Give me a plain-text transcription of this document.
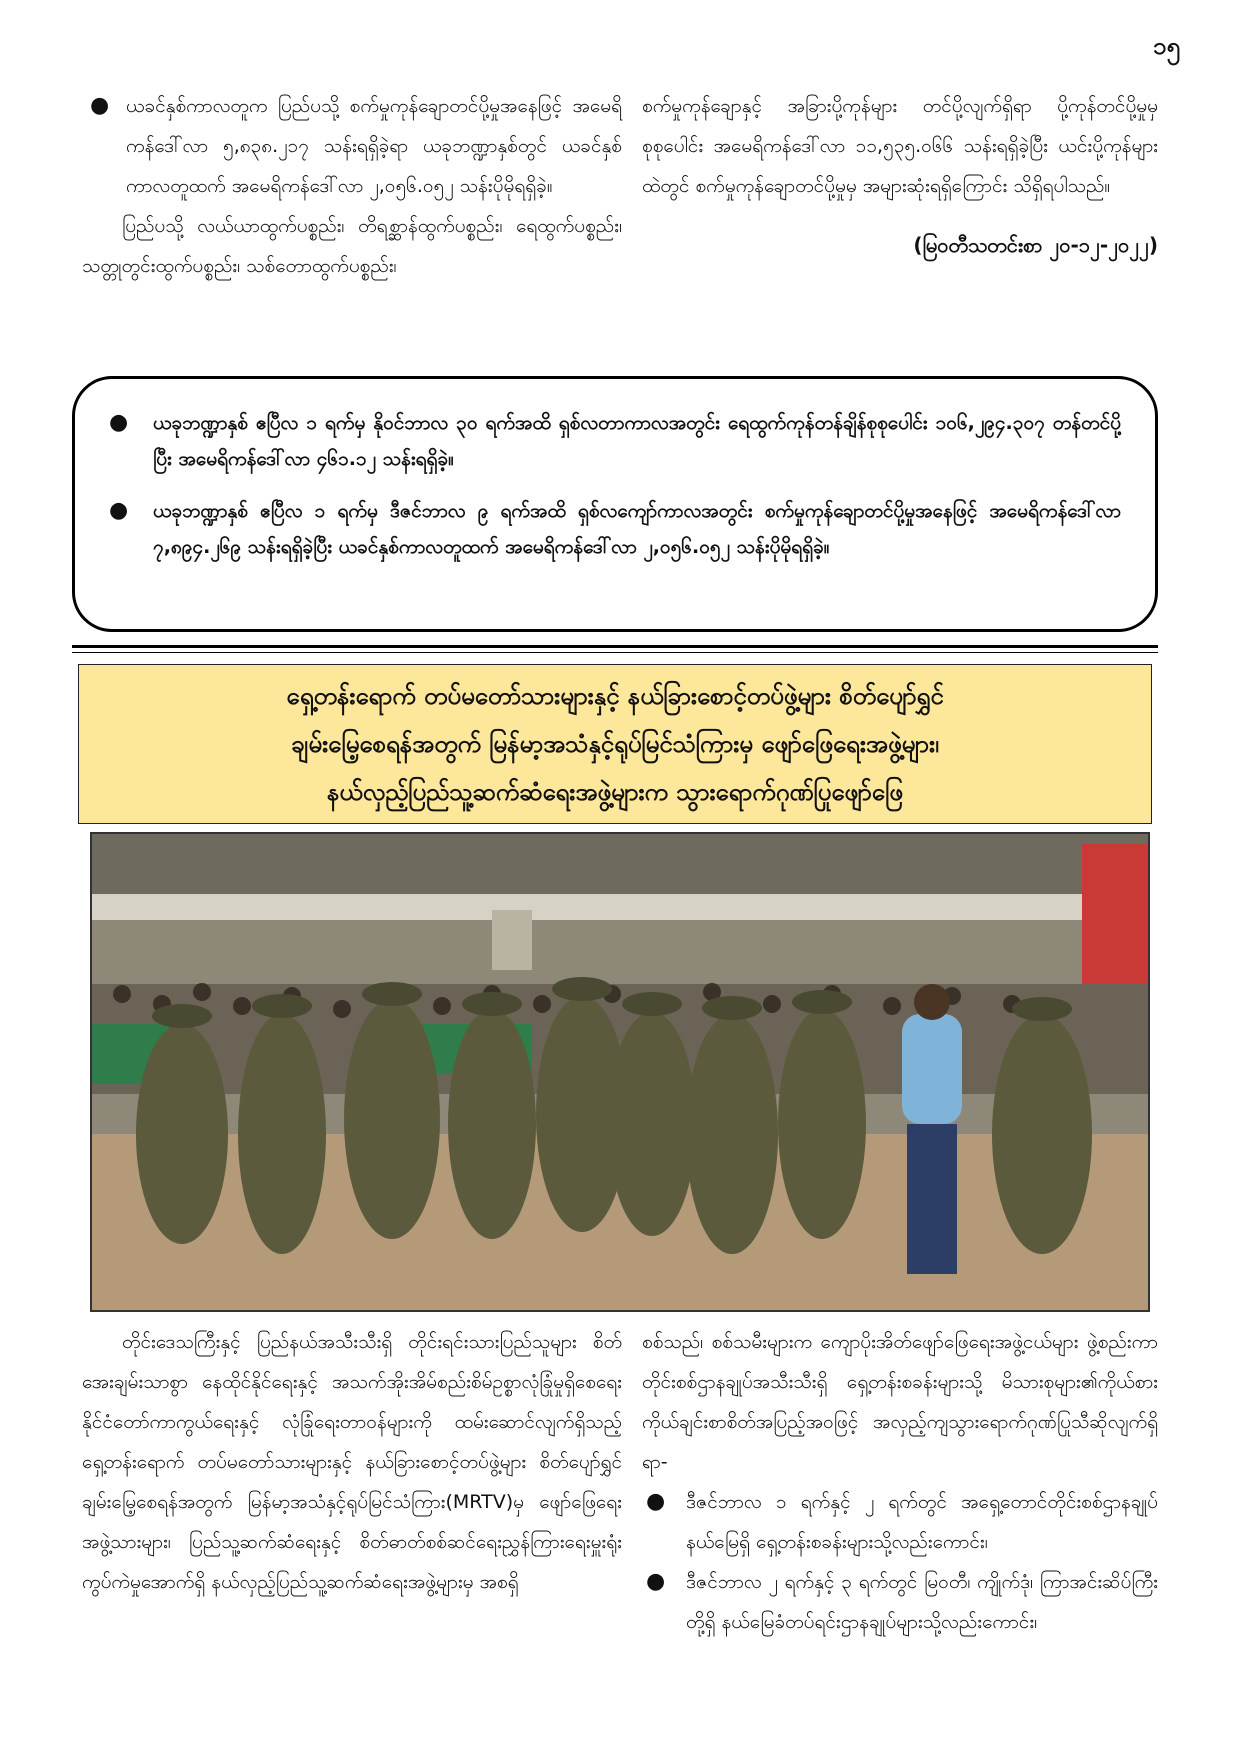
၁၅
● ယခင်နှစ်ကာလတူက ပြည်ပသို့ စက်မှုကုန်ချောတင်ပို့မှုအနေဖြင့် အမေရိကန်ဒေါ်လာ ၅,၈၃၈.၂၁၇ သန်းရရှိခဲ့ရာ ယခုဘဏ္ဍာနှစ်တွင် ယခင်နှစ်ကာလတူထက် အမေရိကန်ဒေါ်လာ ၂,၀၅၆.၀၅၂ သန်းပိုမိုရရှိခဲ့။
ပြည်ပသို့ လယ်ယာထွက်ပစ္စည်း၊ တိရစ္ဆာန်ထွက်ပစ္စည်း၊ ရေထွက်ပစ္စည်း၊ သတ္တုတွင်းထွက်ပစ္စည်း၊ သစ်တောထွက်ပစ္စည်း၊
စက်မှုကုန်ချောနှင့် အခြားပို့ကုန်များ တင်ပို့လျက်ရှိရာ ပို့ကုန်တင်ပို့မှုမှ စုစုပေါင်း အမေရိကန်ဒေါ်လာ ၁၁,၅၃၅.၀၆၆ သန်းရရှိခဲ့ပြီး ယင်းပို့ကုန်များထဲတွင် စက်မှုကုန်ချောတင်ပို့မှုမှ အများဆုံးရရှိကြောင်း သိရှိရပါသည်။
(မြဝတီသတင်းစာ ၂၀-၁၂-၂၀၂၂)
● ယခုဘဏ္ဍာနှစ် ဧပြီလ ၁ ရက်မှ နိုဝင်ဘာလ ၃၀ ရက်အထိ ရှစ်လတာကာလအတွင်း ရေထွက်ကုန်တန်ချိန်စုစုပေါင်း ၁၀၆,၂၉၄.၃၀၇ တန်တင်ပို့ပြီး အမေရိကန်ဒေါ်လာ ၄၆၁.၁၂ သန်းရရှိခဲ့။
● ယခုဘဏ္ဍာနှစ် ဧပြီလ ၁ ရက်မှ ဒီဇင်ဘာလ ၉ ရက်အထိ ရှစ်လကျော်ကာလအတွင်း စက်မှုကုန်ချောတင်ပို့မှုအနေဖြင့် အမေရိကန်ဒေါ်လာ ၇,၈၉၄.၂၆၉ သန်းရရှိခဲ့ပြီး ယခင်နှစ်ကာလတူထက် အမေရိကန်ဒေါ်လာ ၂,၀၅၆.၀၅၂ သန်းပိုမိုရရှိခဲ့။
ရှေ့တန်းရောက် တပ်မတော်သားများနှင့် နယ်ခြားစောင့်တပ်ဖွဲ့များ စိတ်ပျော်ရွှင်
ချမ်းမြေ့စေရန်အတွက် မြန်မာ့အသံနှင့်ရုပ်မြင်သံကြားမှ ဖျော်ဖြေရေးအဖွဲ့များ၊
နယ်လှည့်ပြည်သူ့ဆက်ဆံရေးအဖွဲ့များက သွားရောက်ဂုဏ်ပြုဖျော်ဖြေ
တိုင်းဒေသကြီးနှင့် ပြည်နယ်အသီးသီးရှိ တိုင်းရင်းသားပြည်သူများ စိတ်အေးချမ်းသာစွာ နေထိုင်နိုင်ရေးနှင့် အသက်အိုးအိမ်စည်းစိမ်ဥစ္စာလုံခြုံမှုရှိစေရေး နိုင်ငံတော်ကာကွယ်ရေးနှင့် လုံခြုံရေးတာဝန်များကို ထမ်းဆောင်လျက်ရှိသည့် ရှေ့တန်းရောက် တပ်မတော်သားများနှင့် နယ်ခြားစောင့်တပ်ဖွဲ့များ စိတ်ပျော်ရွှင်ချမ်းမြေ့စေရန်အတွက် မြန်မာ့အသံနှင့်ရုပ်မြင်သံကြား(MRTV)မှ ဖျော်ဖြေရေးအဖွဲ့သားများ၊ ပြည်သူ့ဆက်ဆံရေးနှင့် စိတ်ဓာတ်စစ်ဆင်ရေးညွှန်ကြားရေးမှူးရုံး ကွပ်ကဲမှုအောက်ရှိ နယ်လှည့်ပြည်သူ့ဆက်ဆံရေးအဖွဲ့များမှ အစရှိ
စစ်သည်၊ စစ်သမီးများက ကျောပိုးအိတ်ဖျော်ဖြေရေးအဖွဲ့ငယ်များ ဖွဲ့စည်းကာ တိုင်းစစ်ဌာနချုပ်အသီးသီးရှိ ရှေ့တန်းစခန်းများသို့ မိသားစုများ၏ကိုယ်စား ကိုယ်ချင်းစာစိတ်အပြည့်အဝဖြင့် အလှည့်ကျသွားရောက်ဂုဏ်ပြုသီဆိုလျက်ရှိရာ-
● ဒီဇင်ဘာလ ၁ ရက်နှင့် ၂ ရက်တွင် အရှေ့တောင်တိုင်းစစ်ဌာနချုပ်နယ်မြေရှိ ရှေ့တန်းစခန်းများသို့လည်းကောင်း၊
● ဒီဇင်ဘာလ ၂ ရက်နှင့် ၃ ရက်တွင် မြဝတီ၊ ကျိုက်ဒုံ၊ ကြာအင်းဆိပ်ကြီးတို့ရှိ နယ်မြေခံတပ်ရင်းဌာနချုပ်များသို့လည်းကောင်း၊
